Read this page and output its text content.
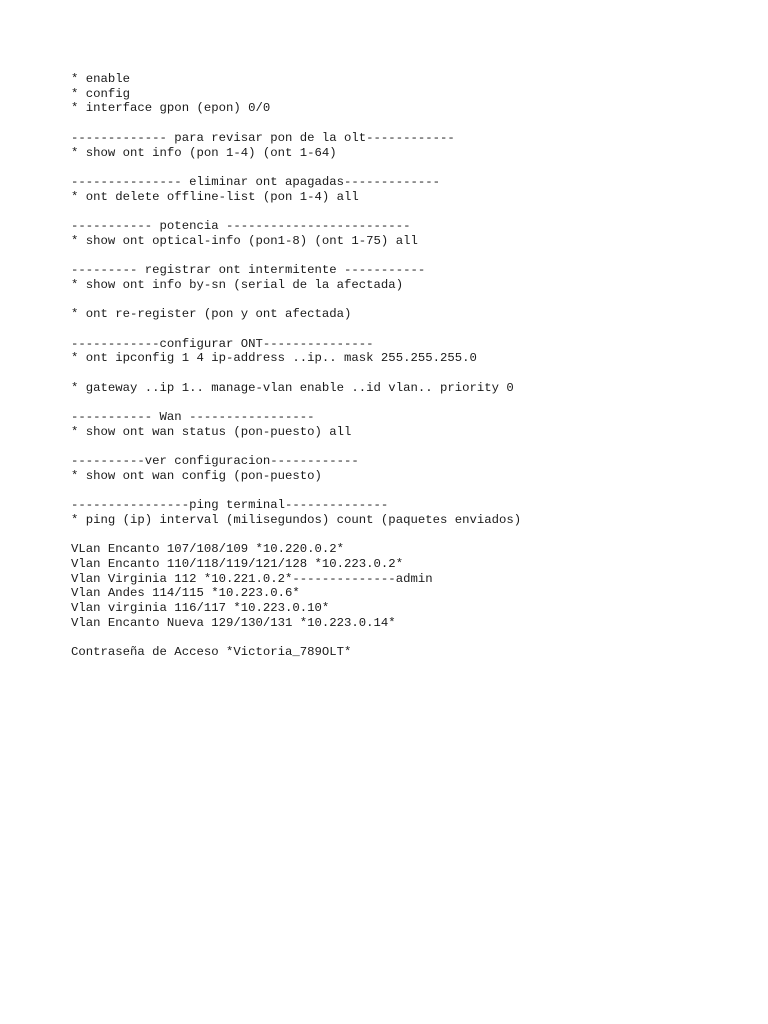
* enable
* config
* interface gpon (epon) 0/0
------------- para revisar pon de la olt------------
* show ont info (pon 1-4) (ont 1-64)
--------------- eliminar ont apagadas-------------
* ont delete offline-list (pon 1-4) all
----------- potencia -------------------------
* show ont optical-info (pon1-8) (ont 1-75) all
--------- registrar ont intermitente -----------
* show ont info by-sn (serial de la afectada)
* ont re-register (pon y ont afectada)
------------configurar ONT---------------
* ont ipconfig 1 4 ip-address ..ip.. mask 255.255.255.0
* gateway ..ip 1.. manage-vlan enable ..id vlan.. priority 0
----------- Wan -----------------
* show ont wan status (pon-puesto) all
----------ver configuracion------------
* show ont wan config (pon-puesto)
----------------ping terminal--------------
* ping (ip) interval (milisegundos) count (paquetes enviados)
VLan Encanto 107/108/109 *10.220.0.2*
Vlan Encanto 110/118/119/121/128 *10.223.0.2*
Vlan Virginia 112 *10.221.0.2*--------------admin
Vlan Andes 114/115 *10.223.0.6*
Vlan virginia 116/117 *10.223.0.10*
Vlan Encanto Nueva 129/130/131 *10.223.0.14*
Contraseña de Acceso *Victoria_789OLT*
